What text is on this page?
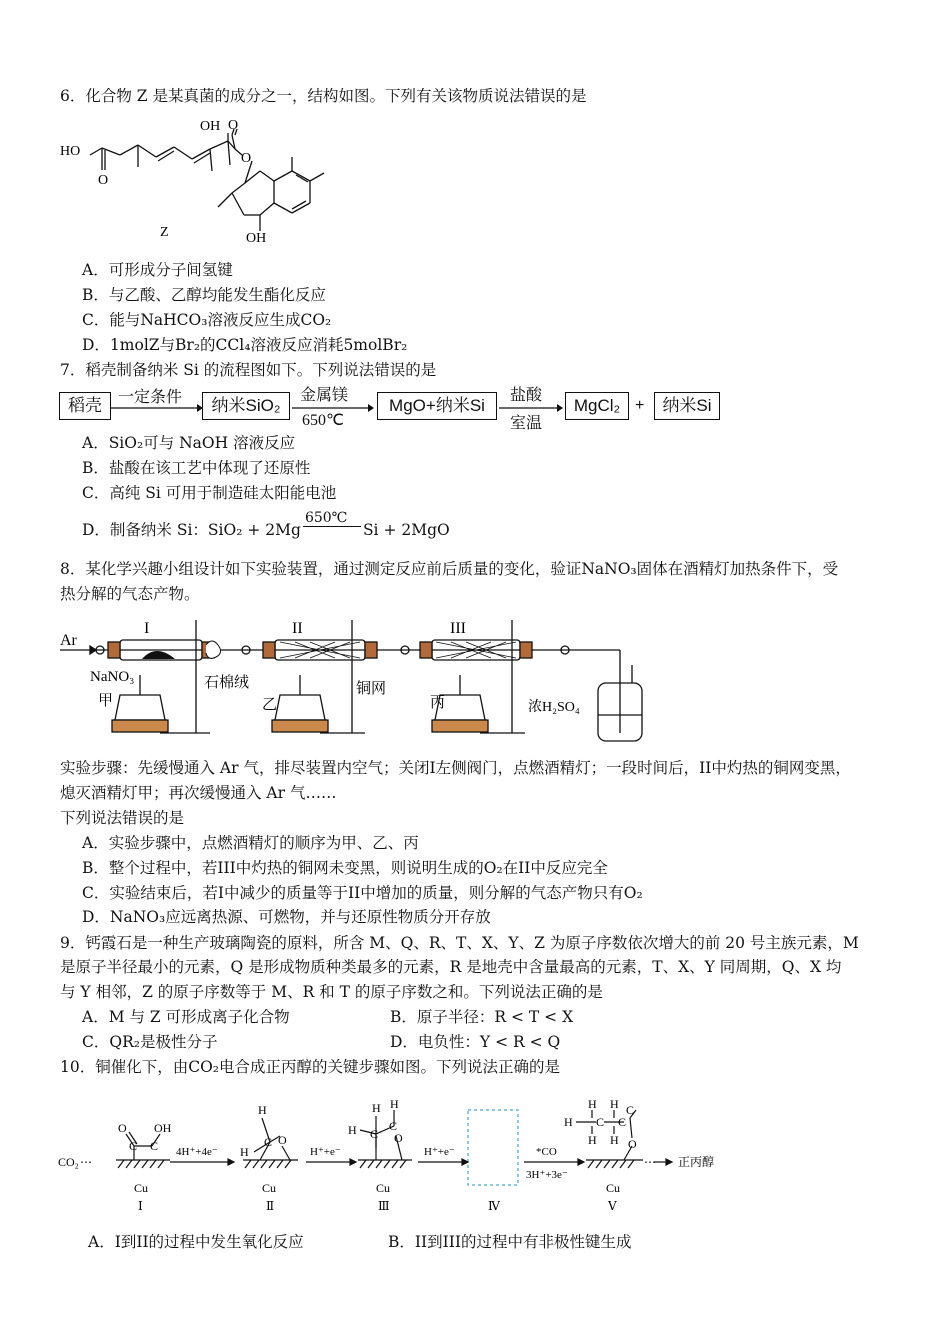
6．化合物 Z 是某真菌的成分之一，结构如图。下列有关该物质说法错误的是
OH O
O
HO
O
OH
Z
A．可形成分子间氢键
B．与乙酸、乙醇均能发生酯化反应
C．能与NaHCO₃溶液反应生成CO₂
D．1molZ与Br₂的CCl₄溶液反应消耗5molBr₂
7．稻壳制备纳米 Si 的流程图如下。下列说法错误的是
稻壳	一定条件	纳米SiO₂
金属镁
650℃
MgO+纳米Si
盐酸
室温
MgCl₂ +	纳米Si
A．SiO₂可与 NaOH 溶液反应
B．盐酸在该工艺中体现了还原性
C．高纯 Si 可用于制造硅太阳能电池
D．制备纳米 Si：SiO₂ + 2Mg
650℃
Si + 2MgO
8．某化学兴趣小组设计如下实验装置，通过测定反应前后质量的变化，验证NaNO₃固体在酒精灯加热条件下，受
热分解的气态产物。
Ar
I	II	III
NaNO₃	石棉绒	铜网
甲	乙	丙	浓H₂SO₄
实验步骤：先缓慢通入 Ar 气，排尽装置内空气；关闭I左侧阀门，点燃酒精灯；一段时间后，II中灼热的铜网变黑，
熄灭酒精灯甲；再次缓慢通入 Ar 气……
下列说法错误的是
A．实验步骤中，点燃酒精灯的顺序为甲、乙、丙
B．整个过程中，若III中灼热的铜网未变黑，则说明生成的O₂在II中反应完全
C．实验结束后，若I中减少的质量等于II中增加的质量，则分解的气态产物只有O₂
D．NaNO₃应远离热源、可燃物，并与还原性物质分开存放
9．钙霞石是一种生产玻璃陶瓷的原料，所含 M、Q、R、T、X、Y、Z 为原子序数依次增大的前 20 号主族元素，M
是原子半径最小的元素，Q 是形成物质种类最多的元素，R 是地壳中含量最高的元素，T、X、Y 同周期，Q、X 均
与 Y 相邻，Z 的原子序数等于 M、R 和 T 的原子序数之和。下列说法正确的是
A．M 与 Z 可形成离子化合物	B．原子半径：R < T < X
C．QR₂是极性分子	D．电负性：Y < R < Q
10．铜催化下，由CO₂电合成正丙醇的关键步骤如图。下列说法正确的是
CO₂ ⋯	⋯
4H⁺+4e⁻	H⁺+e⁻	H⁺+e⁻	*CO
3H⁺+3e⁻
正丙醇
O OH
C C
H
H
C O
H H
H C
C
O
H H
H
H H
C C
C
O
Cu
Ⅰ
Cu
Ⅱ
Cu
Ⅲ	Ⅳ
Cu
Ⅴ
A．I到II的过程中发生氧化反应	B．II到III的过程中有非极性键生成
